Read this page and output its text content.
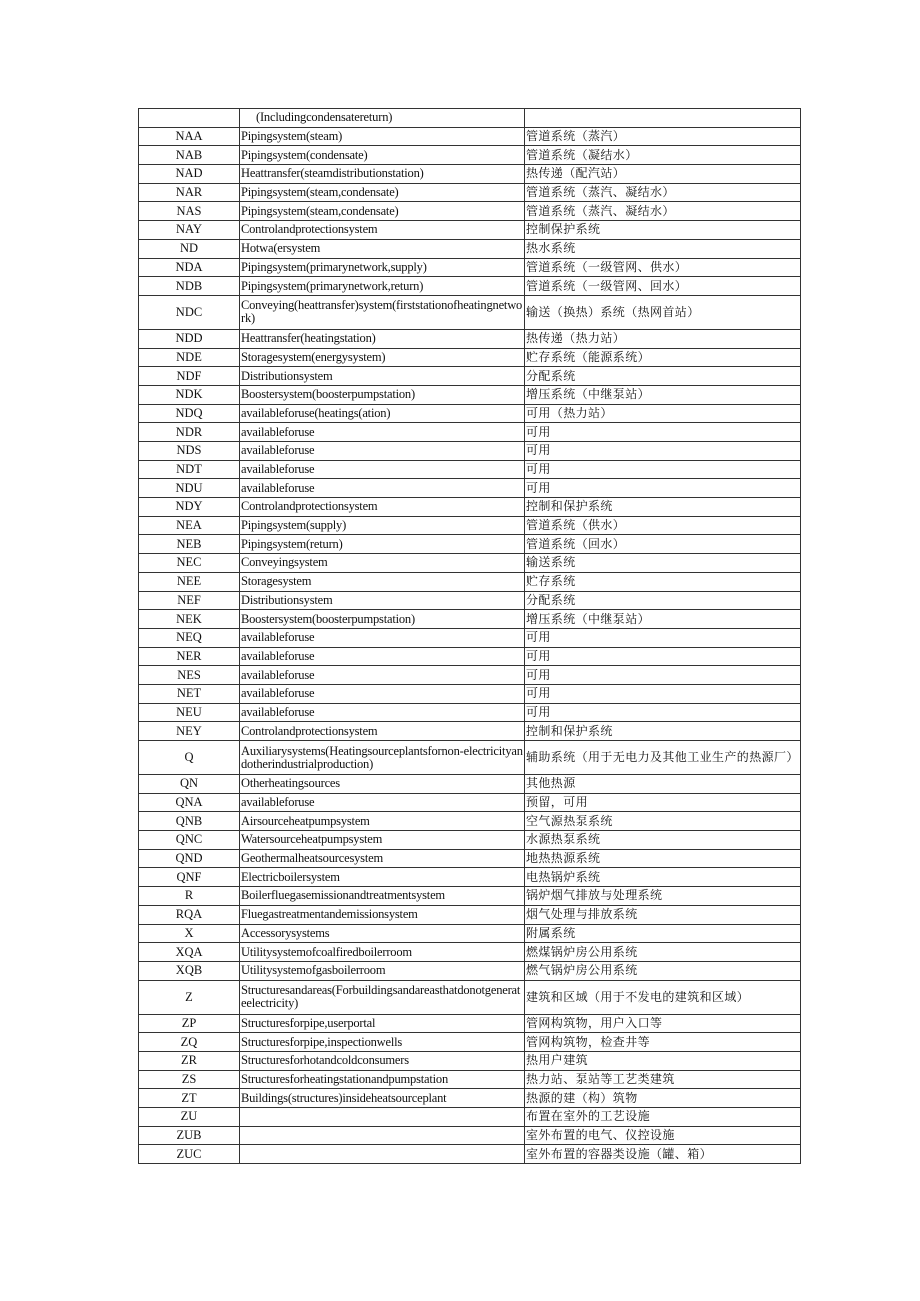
	(Includingcondensatereturn)	
NAA	Pipingsystem(steam)	管道系统（蒸汽）
NAB	Pipingsystem(condensate)	管道系统（凝结水）
NAD	Heattransfer(steamdistributionstation)	热传递（配汽站）
NAR	Pipingsystem(steam,condensate)	管道系统（蒸汽、凝结水）
NAS	Pipingsystem(steam,condensate)	管道系统（蒸汽、凝结水）
NAY	Controlandprotectionsystem	控制保护系统
ND	Hotwa(ersystem	热水系统
NDA	Pipingsystem(primarynetwork,supply)	管道系统（一级管网、供水）
NDB	Pipingsystem(primarynetwork,return)	管道系统（一级管网、回水）
NDC	Conveying(heattransfer)system(firststationofheatingnetwork)	输送（换热）系统（热网首站）
NDD	Heattransfer(heatingstation)	热传递（热力站）
NDE	Storagesystem(energysystem)	贮存系统（能源系统）
NDF	Distributionsystem	分配系统
NDK	Boostersystem(boosterpumpstation)	增压系统（中继泵站）
NDQ	availableforuse(heatings(ation)	可用（热力站）
NDR	availableforuse	可用
NDS	availableforuse	可用
NDT	availableforuse	可用
NDU	availableforuse	可用
NDY	Controlandprotectionsystem	控制和保护系统
NEA	Pipingsystem(supply)	管道系统（供水）
NEB	Pipingsystem(return)	管道系统（回水）
NEC	Conveyingsystem	输送系统
NEE	Storagesystem	贮存系统
NEF	Distributionsystem	分配系统
NEK	Boostersystem(boosterpumpstation)	增压系统（中继泵站）
NEQ	availableforuse	可用
NER	availableforuse	可用
NES	availableforuse	可用
NET	availableforuse	可用
NEU	availableforuse	可用
NEY	Controlandprotectionsystem	控制和保护系统
Q	Auxiliarysystems(Heatingsourceplantsfornon-electricityandotherindustrialproduction)	辅助系统（用于无电力及其他工业生产的热源厂）
QN	Otherheatingsources	其他热源
QNA	availableforuse	预留，可用
QNB	Airsourceheatpumpsystem	空气源热泵系统
QNC	Watersourceheatpumpsystem	水源热泵系统
QND	Geothermalheatsourcesystem	地热热源系统
QNF	Electricboilersystem	电热锅炉系统
R	Boilerfluegasemissionandtreatmentsystem	锅炉烟气排放与处理系统
RQA	Fluegastreatmentandemissionsystem	烟气处理与排放系统
X	Accessorysystems	附属系统
XQA	Utilitysystemofcoalfiredboilerroom	燃煤锅炉房公用系统
XQB	Utilitysystemofgasboilerroom	燃气锅炉房公用系统
Z	Structuresandareas(Forbuildingsandareasthatdonotgenerateelectricity)	建筑和区域（用于不发电的建筑和区域）
ZP	Structuresforpipe,userportal	管网构筑物，用户入口等
ZQ	Structuresforpipe,inspectionwells	管网构筑物，检查井等
ZR	Structuresforhotandcoldconsumers	热用户建筑
ZS	Structuresforheatingstationandpumpstation	热力站、泵站等工艺类建筑
ZT	Buildings(structures)insideheatsourceplant	热源的建（构）筑物
ZU		布置在室外的工艺设施
ZUB		室外布置的电气、仪控设施
ZUC		室外布置的容器类设施（罐、箱）
